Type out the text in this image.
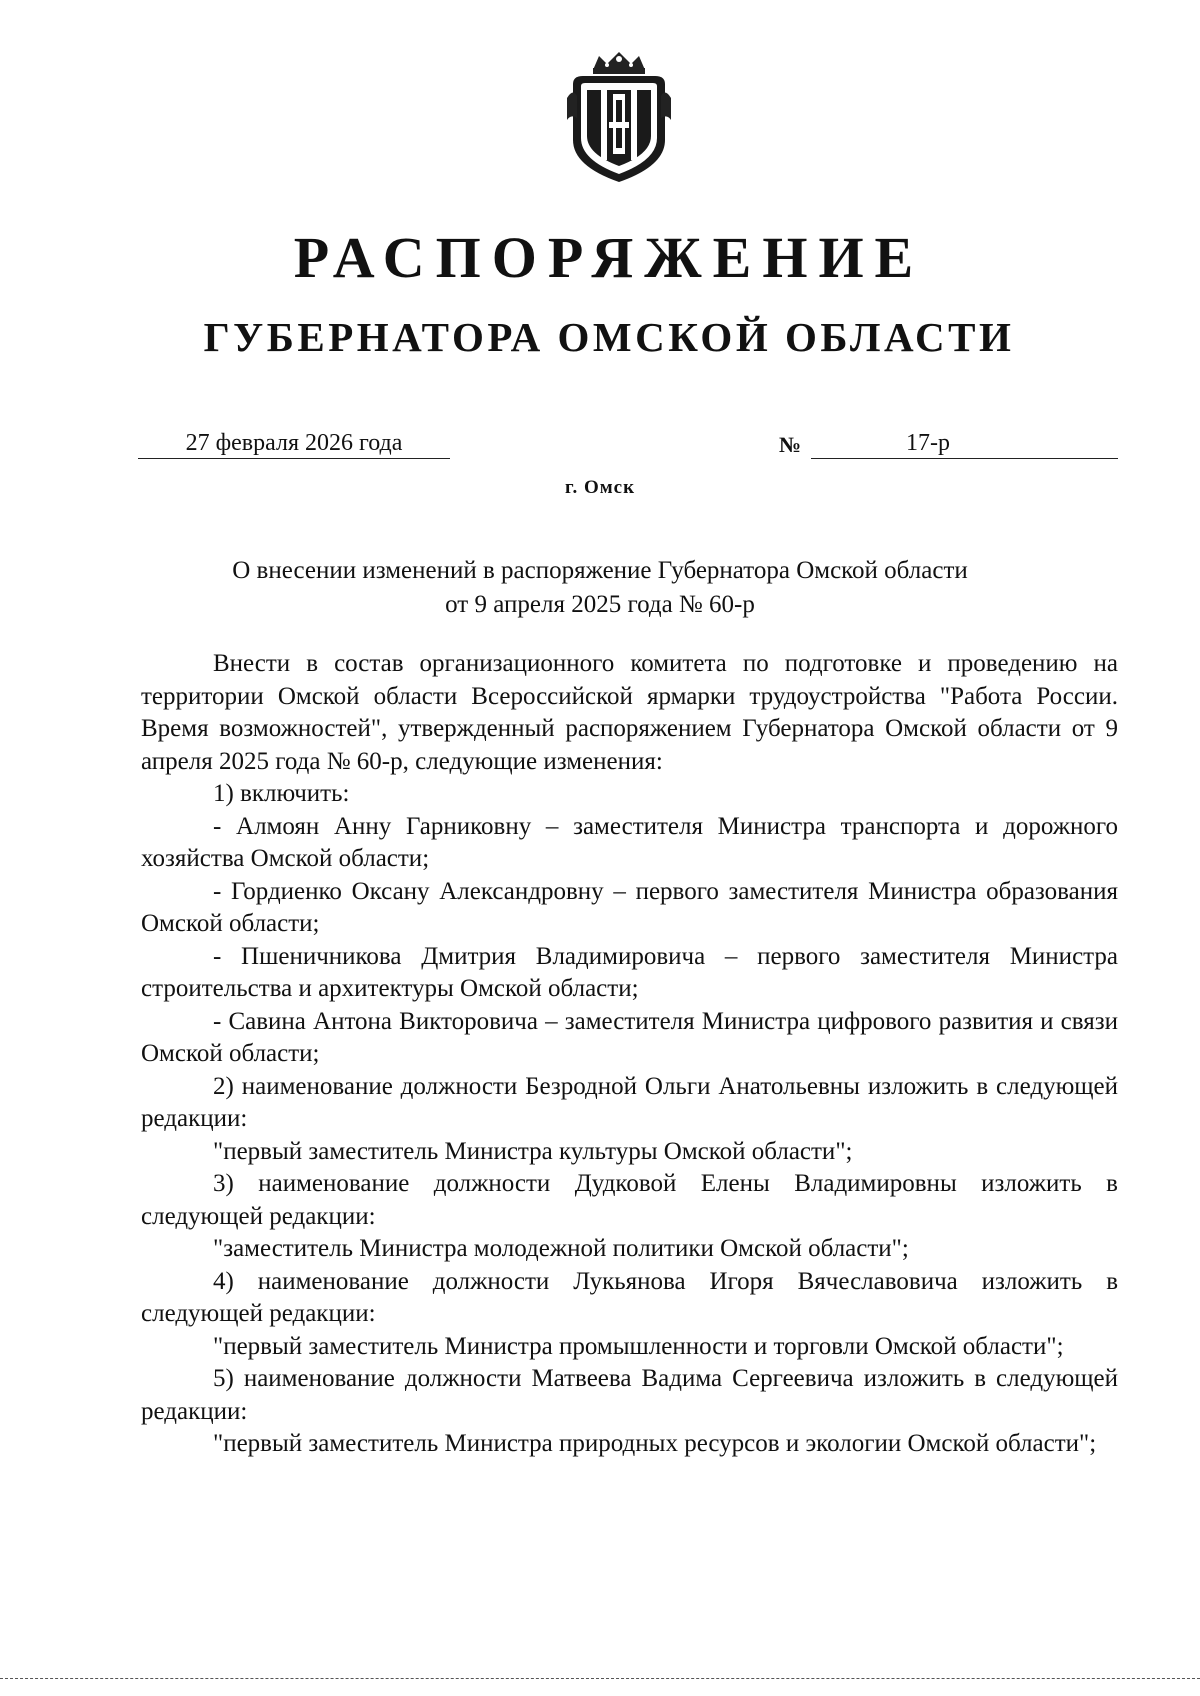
РАСПОРЯЖЕНИЕ
ГУБЕРНАТОРА ОМСКОЙ ОБЛАСТИ
27 февраля 2026 года	№	17-р
г. Омск
О внесении изменений в распоряжение Губернатора Омской области
от 9 апреля 2025 года № 60-р

Внести в состав организационного комитета по подготовке и проведению на территории Омской области Всероссийской ярмарки трудоустройства "Работа России. Время возможностей", утвержденный распоряжением Губернатора Омской области от 9 апреля 2025 года № 60-р, следующие изменения:

1) включить:

- Алмоян Анну Гарниковну – заместителя Министра транспорта и дорожного хозяйства Омской области;

- Гордиенко Оксану Александровну – первого заместителя Министра образования Омской области;

- Пшеничникова Дмитрия Владимировича – первого заместителя Министра строительства и архитектуры Омской области;

- Савина Антона Викторовича – заместителя Министра цифрового развития и связи Омской области;

2) наименование должности Безродной Ольги Анатольевны изложить в следующей редакции:

"первый заместитель Министра культуры Омской области";

3) наименование должности Дудковой Елены Владимировны изложить в следующей редакции:

"заместитель Министра молодежной политики Омской области";

4) наименование должности Лукьянова Игоря Вячеславовича изложить в следующей редакции:

"первый заместитель Министра промышленности и торговли Омской области";

5) наименование должности Матвеева Вадима Сергеевича изложить в следующей редакции:

"первый заместитель Министра природных ресурсов и экологии Омской области";
